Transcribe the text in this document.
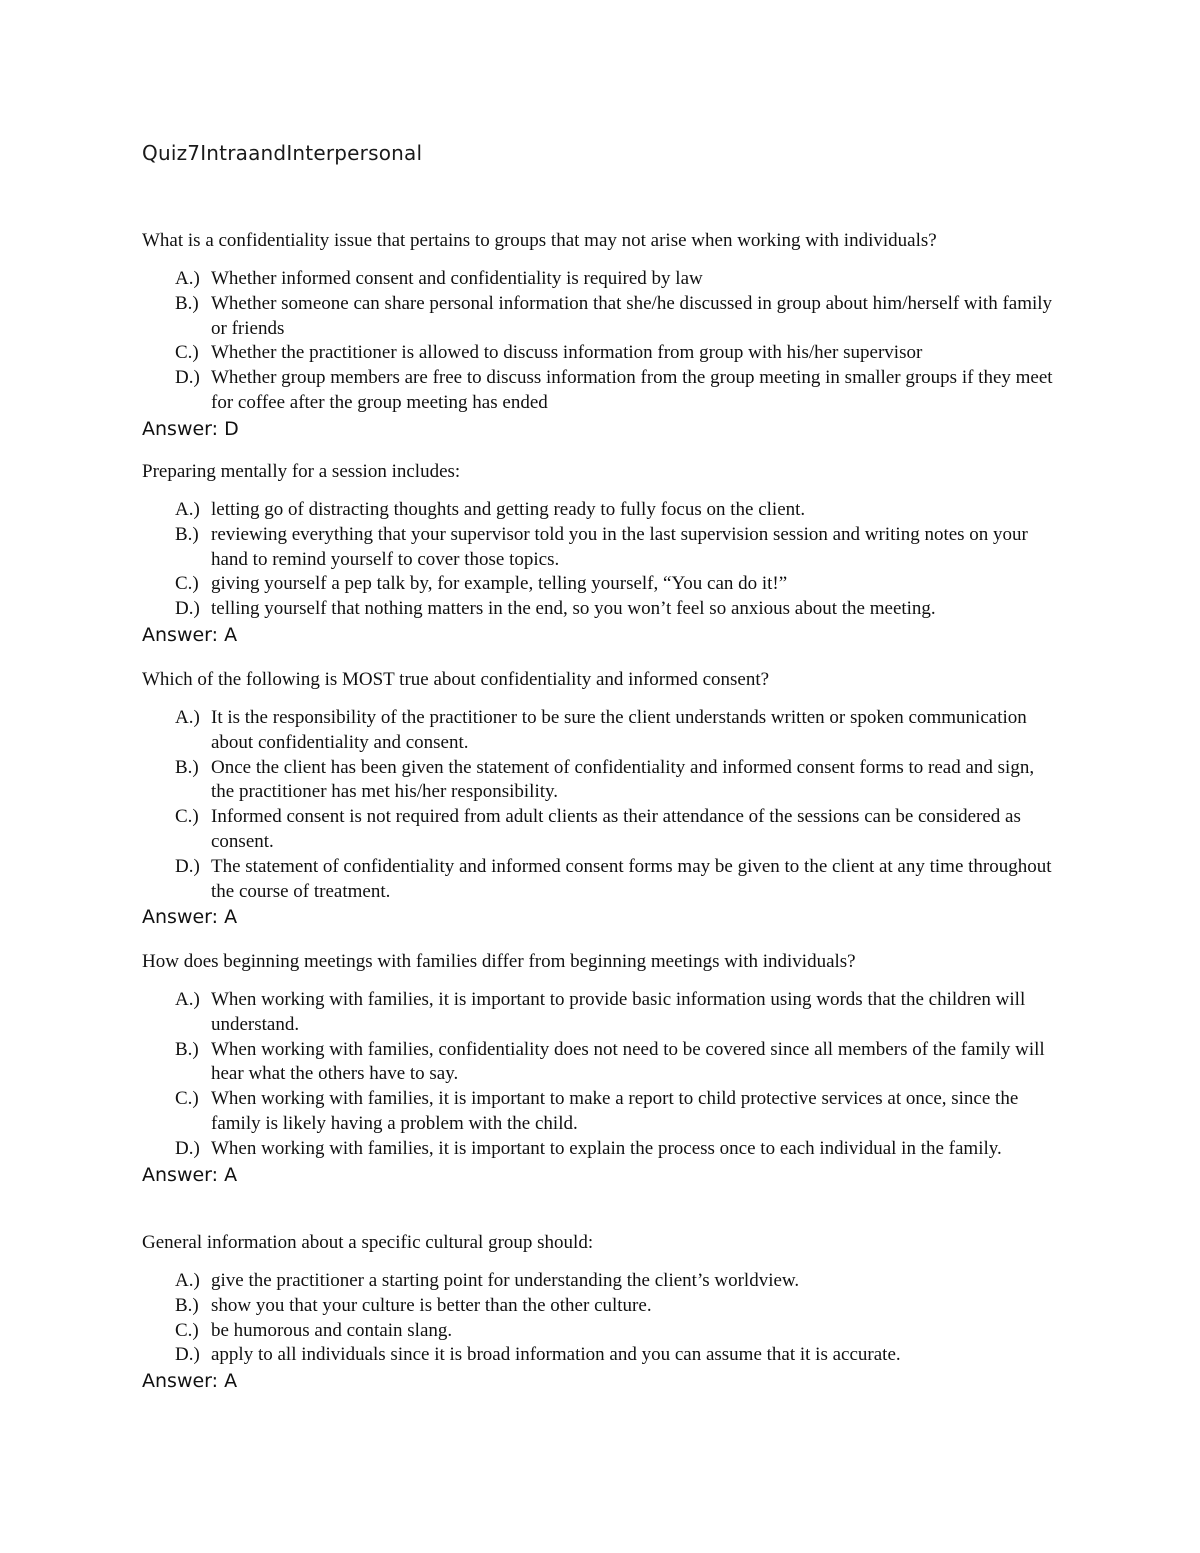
Quiz7IntraandInterpersonal
What is a confidentiality issue that pertains to groups that may not arise when working with individuals?
A.) Whether informed consent and confidentiality is required by law
B.) Whether someone can share personal information that she/he discussed in group about him/herself with family or friends
C.) Whether the practitioner is allowed to discuss information from group with his/her supervisor
D.) Whether group members are free to discuss information from the group meeting in smaller groups if they meet for coffee after the group meeting has ended
Answer: D
Preparing mentally for a session includes:
A.) letting go of distracting thoughts and getting ready to fully focus on the client.
B.) reviewing everything that your supervisor told you in the last supervision session and writing notes on your hand to remind yourself to cover those topics.
C.) giving yourself a pep talk by, for example, telling yourself, “You can do it!”
D.) telling yourself that nothing matters in the end, so you won’t feel so anxious about the meeting.
Answer: A
Which of the following is MOST true about confidentiality and informed consent?
A.) It is the responsibility of the practitioner to be sure the client understands written or spoken communication about confidentiality and consent.
B.) Once the client has been given the statement of confidentiality and informed consent forms to read and sign, the practitioner has met his/her responsibility.
C.) Informed consent is not required from adult clients as their attendance of the sessions can be considered as consent.
D.) The statement of confidentiality and informed consent forms may be given to the client at any time throughout the course of treatment.
Answer: A
How does beginning meetings with families differ from beginning meetings with individuals?
A.) When working with families, it is important to provide basic information using words that the children will understand.
B.) When working with families, confidentiality does not need to be covered since all members of the family will hear what the others have to say.
C.) When working with families, it is important to make a report to child protective services at once, since the family is likely having a problem with the child.
D.) When working with families, it is important to explain the process once to each individual in the family.
Answer: A
General information about a specific cultural group should:
A.) give the practitioner a starting point for understanding the client’s worldview.
B.) show you that your culture is better than the other culture.
C.) be humorous and contain slang.
D.) apply to all individuals since it is broad information and you can assume that it is accurate.
Answer: A
